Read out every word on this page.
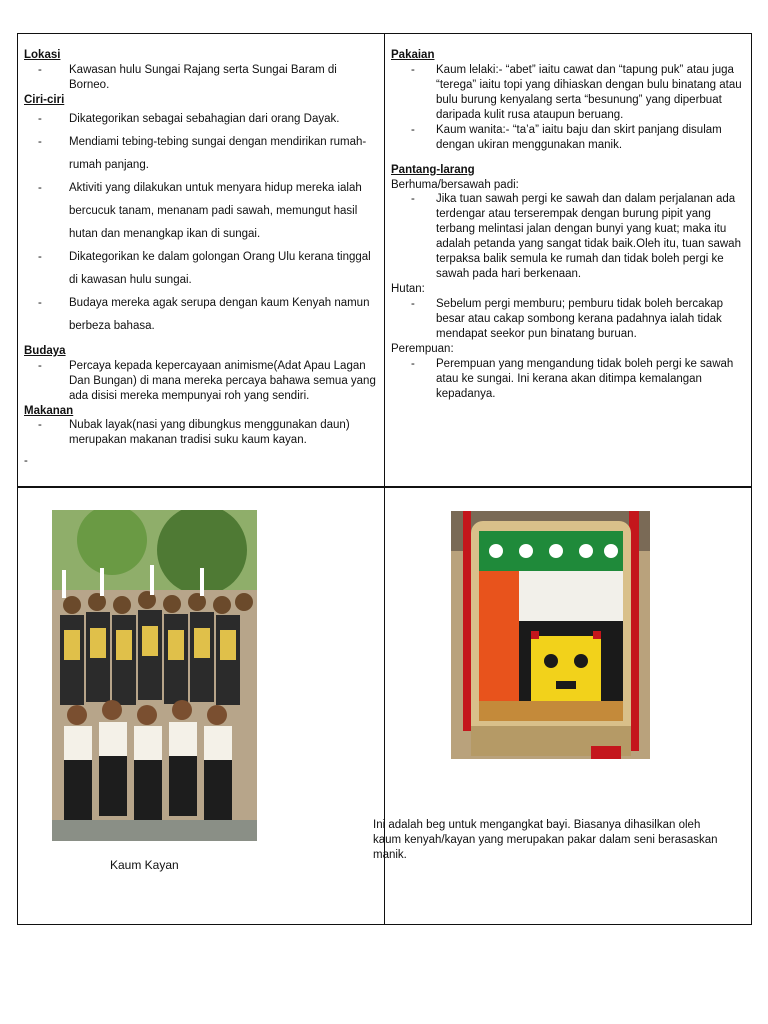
Lokasi
- Kawasan hulu Sungai Rajang serta Sungai Baram di Borneo.
Ciri-ciri
- Dikategorikan sebagai sebahagian dari orang Dayak.
- Mendiami tebing-tebing sungai dengan mendirikan rumah-rumah panjang.
- Aktiviti yang dilakukan untuk menyara hidup mereka ialah bercucuk tanam, menanam padi sawah, memungut hasil hutan dan menangkap ikan di sungai.
- Dikategorikan ke dalam golongan Orang Ulu kerana tinggal di kawasan hulu sungai.
- Budaya mereka agak serupa dengan kaum Kenyah namun berbeza bahasa.
Budaya
- Percaya kepada kepercayaan animisme(Adat Apau Lagan Dan Bungan) di mana mereka percaya bahawa semua yang ada disisi mereka mempunyai roh yang sendiri.
Makanan
- Nubak layak(nasi yang dibungkus menggunakan daun) merupakan makanan tradisi suku kaum kayan.
-
Pakaian
- Kaum lelaki:- “abet” iaitu cawat dan “tapung puk” atau juga “terega” iaitu topi yang dihiaskan dengan bulu binatang atau bulu burung kenyalang serta “besunung” yang diperbuat daripada kulit rusa ataupun beruang.
- Kaum wanita:- “ta’a” iaitu baju dan skirt panjang disulam dengan ukiran menggunakan manik.
Pantang-larang
Berhuma/bersawah padi:
- Jika tuan sawah pergi ke sawah dan dalam perjalanan ada terdengar atau terserempak dengan burung pipit yang terbang melintasi jalan dengan bunyi yang kuat; maka itu adalah petanda yang sangat tidak baik.Oleh itu, tuan sawah terpaksa balik semula ke rumah dan tidak boleh pergi ke sawah pada hari berkenaan.
Hutan:
- Sebelum pergi memburu; pemburu tidak boleh bercakap besar atau cakap sombong kerana padahnya ialah tidak mendapat seekor pun binatang buruan.
Perempuan:
- Perempuan yang mengandung tidak boleh pergi ke sawah atau ke sungai. Ini kerana akan ditimpa kemalangan kepadanya.
Kaum Kayan
Ini adalah beg untuk mengangkat bayi. Biasanya dihasilkan oleh kaum kenyah/kayan yang merupakan pakar dalam seni berasaskan manik.
